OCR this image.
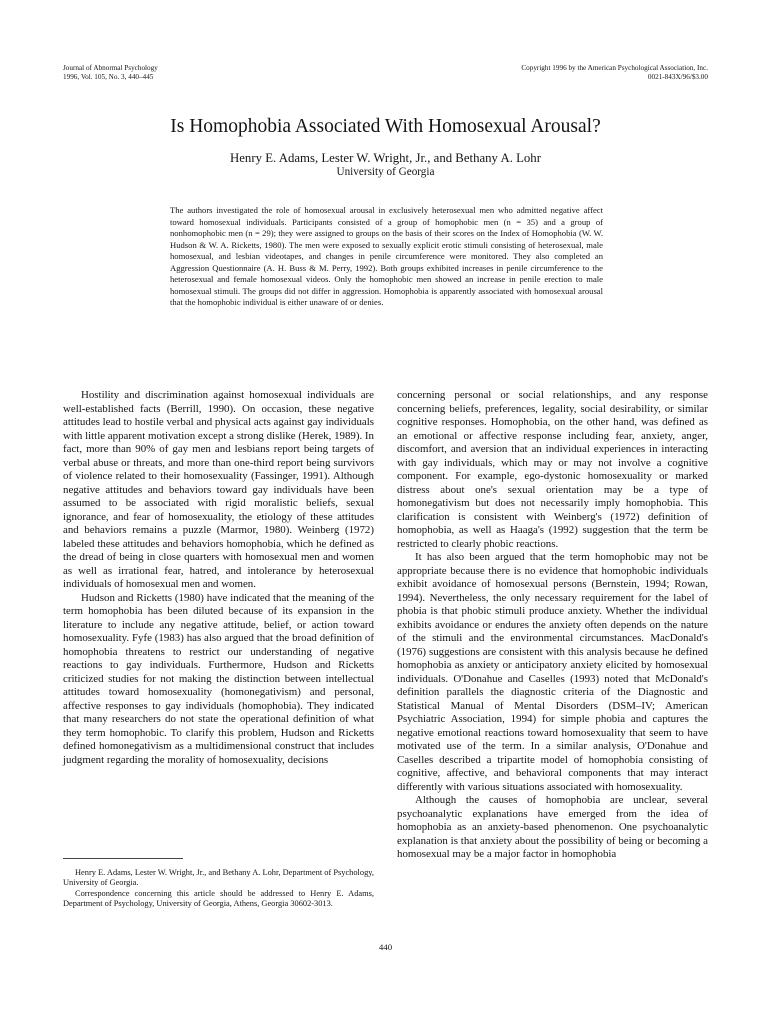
Journal of Abnormal Psychology
1996, Vol. 105, No. 3, 440–445
Copyright 1996 by the American Psychological Association, Inc.
0021-843X/96/$3.00
Is Homophobia Associated With Homosexual Arousal?
Henry E. Adams, Lester W. Wright, Jr., and Bethany A. Lohr
University of Georgia
The authors investigated the role of homosexual arousal in exclusively heterosexual men who admitted negative affect toward homosexual individuals. Participants consisted of a group of homophobic men (n = 35) and a group of nonhomophobic men (n = 29); they were assigned to groups on the basis of their scores on the Index of Homophobia (W. W. Hudson & W. A. Ricketts, 1980). The men were exposed to sexually explicit erotic stimuli consisting of heterosexual, male homosexual, and lesbian videotapes, and changes in penile circumference were monitored. They also completed an Aggression Questionnaire (A. H. Buss & M. Perry, 1992). Both groups exhibited increases in penile circumference to the heterosexual and female homosexual videos. Only the homophobic men showed an increase in penile erection to male homosexual stimuli. The groups did not differ in aggression. Homophobia is apparently associated with homosexual arousal that the homophobic individual is either unaware of or denies.

Hostility and discrimination against homosexual individuals are well-established facts (Berrill, 1990). On occasion, these negative attitudes lead to hostile verbal and physical acts against gay individuals with little apparent motivation except a strong dislike (Herek, 1989). In fact, more than 90% of gay men and lesbians report being targets of verbal abuse or threats, and more than one-third report being survivors of violence related to their homosexuality (Fassinger, 1991). Although negative attitudes and behaviors toward gay individuals have been assumed to be associated with rigid moralistic beliefs, sexual ignorance, and fear of homosexuality, the etiology of these attitudes and behaviors remains a puzzle (Marmor, 1980). Weinberg (1972) labeled these attitudes and behaviors homophobia, which he defined as the dread of being in close quarters with homosexual men and women as well as irrational fear, hatred, and intolerance by heterosexual individuals of homosexual men and women.

Hudson and Ricketts (1980) have indicated that the meaning of the term homophobia has been diluted because of its expansion in the literature to include any negative attitude, belief, or action toward homosexuality. Fyfe (1983) has also argued that the broad definition of homophobia threatens to restrict our understanding of negative reactions to gay individuals. Furthermore, Hudson and Ricketts criticized studies for not making the distinction between intellectual attitudes toward homosexuality (homonegativism) and personal, affective responses to gay individuals (homophobia). They indicated that many researchers do not state the operational definition of what they term homophobic. To clarify this problem, Hudson and Ricketts defined homonegativism as a multidimensional construct that includes judgment regarding the morality of homosexuality, decisions

concerning personal or social relationships, and any response concerning beliefs, preferences, legality, social desirability, or similar cognitive responses. Homophobia, on the other hand, was defined as an emotional or affective response including fear, anxiety, anger, discomfort, and aversion that an individual experiences in interacting with gay individuals, which may or may not involve a cognitive component. For example, ego-dystonic homosexuality or marked distress about one's sexual orientation may be a type of homonegativism but does not necessarily imply homophobia. This clarification is consistent with Weinberg's (1972) definition of homophobia, as well as Haaga's (1992) suggestion that the term be restricted to clearly phobic reactions.

It has also been argued that the term homophobic may not be appropriate because there is no evidence that homophobic individuals exhibit avoidance of homosexual persons (Bernstein, 1994; Rowan, 1994). Nevertheless, the only necessary requirement for the label of phobia is that phobic stimuli produce anxiety. Whether the individual exhibits avoidance or endures the anxiety often depends on the nature of the stimuli and the environmental circumstances. MacDonald's (1976) suggestions are consistent with this analysis because he defined homophobia as anxiety or anticipatory anxiety elicited by homosexual individuals. O'Donahue and Caselles (1993) noted that McDonald's definition parallels the diagnostic criteria of the Diagnostic and Statistical Manual of Mental Disorders (DSM–IV; American Psychiatric Association, 1994) for simple phobia and captures the negative emotional reactions toward homosexuality that seem to have motivated use of the term. In a similar analysis, O'Donahue and Caselles described a tripartite model of homophobia consisting of cognitive, affective, and behavioral components that may interact differently with various situations associated with homosexuality.

Although the causes of homophobia are unclear, several psychoanalytic explanations have emerged from the idea of homophobia as an anxiety-based phenomenon. One psychoanalytic explanation is that anxiety about the possibility of being or becoming a homosexual may be a major factor in homophobia

Henry E. Adams, Lester W. Wright, Jr., and Bethany A. Lohr, Department of Psychology, University of Georgia.

Correspondence concerning this article should be addressed to Henry E. Adams, Department of Psychology, University of Georgia, Athens, Georgia 30602-3013.

440
